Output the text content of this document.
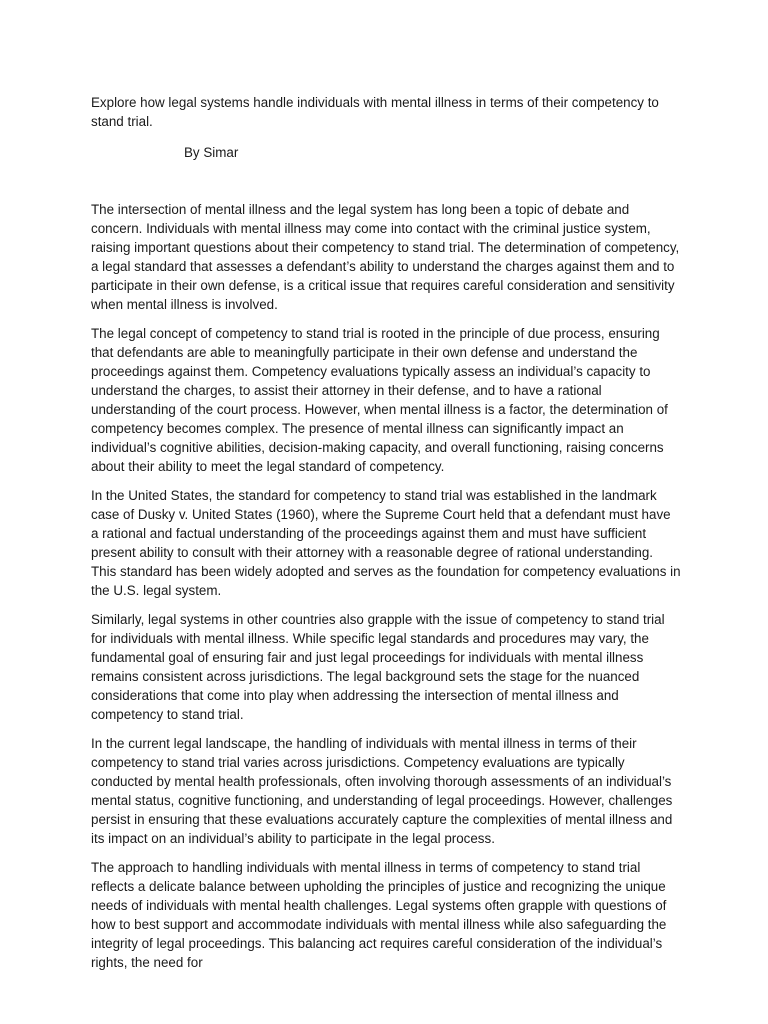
Explore how legal systems handle individuals with mental illness in terms of their competency to stand trial.

By Simar

The intersection of mental illness and the legal system has long been a topic of debate and concern. Individuals with mental illness may come into contact with the criminal justice system, raising important questions about their competency to stand trial. The determination of competency, a legal standard that assesses a defendant’s ability to understand the charges against them and to participate in their own defense, is a critical issue that requires careful consideration and sensitivity when mental illness is involved.

The legal concept of competency to stand trial is rooted in the principle of due process, ensuring that defendants are able to meaningfully participate in their own defense and understand the proceedings against them. Competency evaluations typically assess an individual’s capacity to understand the charges, to assist their attorney in their defense, and to have a rational understanding of the court process. However, when mental illness is a factor, the determination of competency becomes complex. The presence of mental illness can significantly impact an individual’s cognitive abilities, decision-making capacity, and overall functioning, raising concerns about their ability to meet the legal standard of competency.

In the United States, the standard for competency to stand trial was established in the landmark case of Dusky v. United States (1960), where the Supreme Court held that a defendant must have a rational and factual understanding of the proceedings against them and must have sufficient present ability to consult with their attorney with a reasonable degree of rational understanding. This standard has been widely adopted and serves as the foundation for competency evaluations in the U.S. legal system.

Similarly, legal systems in other countries also grapple with the issue of competency to stand trial for individuals with mental illness. While specific legal standards and procedures may vary, the fundamental goal of ensuring fair and just legal proceedings for individuals with mental illness remains consistent across jurisdictions. The legal background sets the stage for the nuanced considerations that come into play when addressing the intersection of mental illness and competency to stand trial.

In the current legal landscape, the handling of individuals with mental illness in terms of their competency to stand trial varies across jurisdictions. Competency evaluations are typically conducted by mental health professionals, often involving thorough assessments of an individual’s mental status, cognitive functioning, and understanding of legal proceedings. However, challenges persist in ensuring that these evaluations accurately capture the complexities of mental illness and its impact on an individual’s ability to participate in the legal process.

The approach to handling individuals with mental illness in terms of competency to stand trial reflects a delicate balance between upholding the principles of justice and recognizing the unique needs of individuals with mental health challenges. Legal systems often grapple with questions of how to best support and accommodate individuals with mental illness while also safeguarding the integrity of legal proceedings. This balancing act requires careful consideration of the individual’s rights, the need for
